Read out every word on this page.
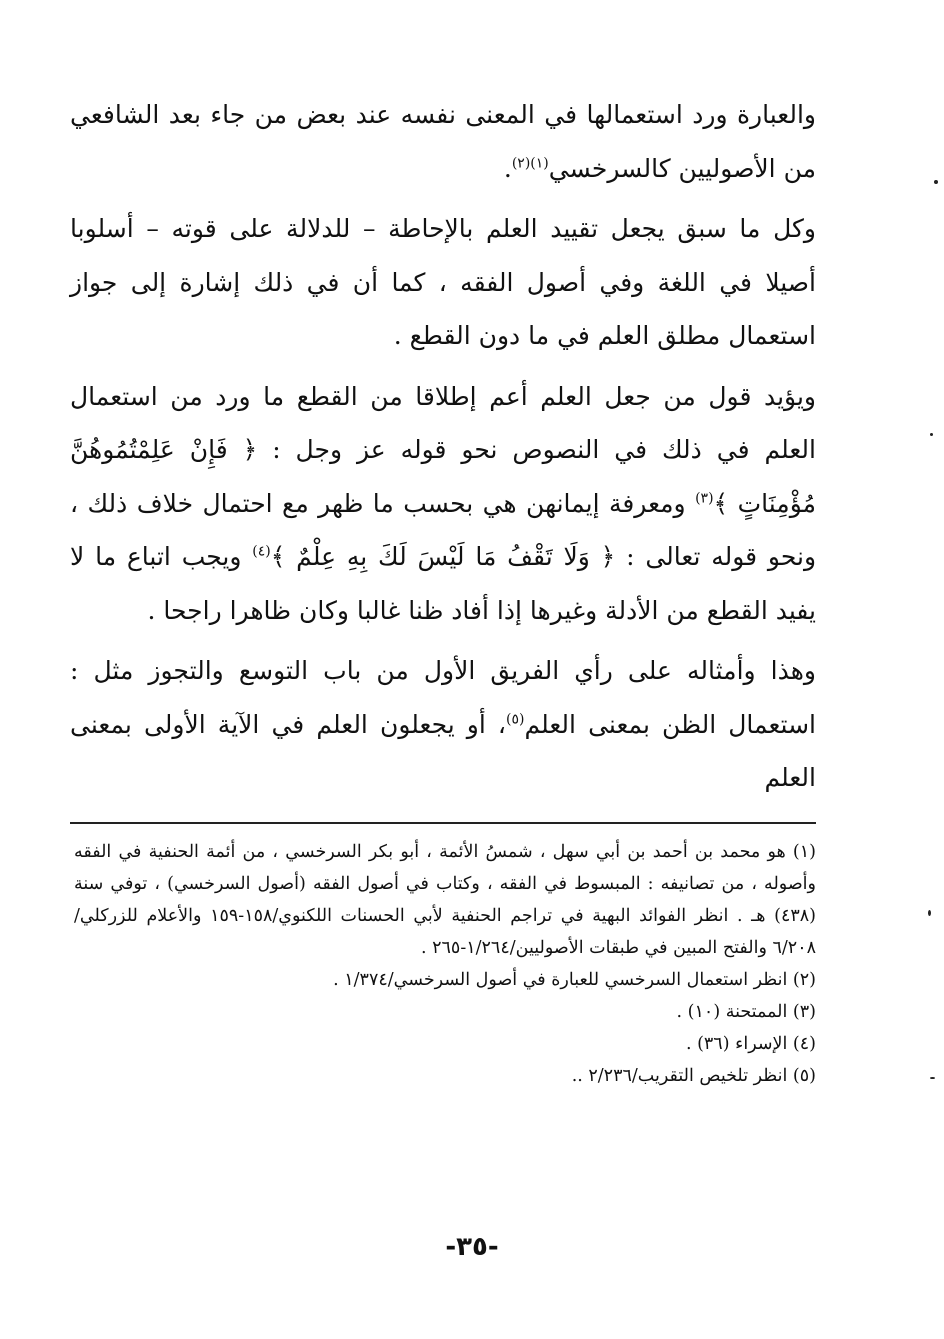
والعبارة ورد استعمالها في المعنى نفسه عند بعض من جاء بعد الشافعي من الأصوليين كالسرخسي$^{(١)(٢)}$.

وكل ما سبق يجعل تقييد العلم بالإحاطة – للدلالة على قوته – أسلوبا أصيلا في اللغة وفي أصول الفقه ، كما أن في ذلك إشارة إلى جواز استعمال مطلق العلم في ما دون القطع .

ويؤيد قول من جعل العلم أعم إطلاقا من القطع ما ورد من استعمال العلم في ذلك في النصوص نحو قوله عز وجل : ﴿ فَإِنْ عَلِمْتُمُوهُنَّ مُؤْمِنَاتٍ ﴾$^{(٣)}$ ومعرفة إيمانهن هي بحسب ما ظهر مع احتمال خلاف ذلك ، ونحو قوله تعالى : ﴿ وَلَا تَقْفُ مَا لَيْسَ لَكَ بِهِ عِلْمٌ ﴾$^{(٤)}$ ويجب اتباع ما لا يفيد القطع من الأدلة وغيرها إذا أفاد ظنا غالبا وكان ظاهرا راجحا .

وهذا وأمثاله على رأي الفريق الأول من باب التوسع والتجوز مثل : استعمال الظن بمعنى العلم$^{(٥)}$، أو يجعلون العلم في الآية الأولى بمعنى العلم

(١) هو محمد بن أحمد بن أبي سهل ، شمسُ الأئمة ، أبو بكر السرخسي ، من أئمة الحنفية في الفقه وأصوله ، من تصانيفه : المبسوط في الفقه ، وكتاب في أصول الفقه (أصول السرخسي) ، توفي سنة (٤٣٨) هـ . انظر الفوائد البهية في تراجم الحنفية لأبي الحسنات اللكنوي/١٥٨-١٥٩ والأعلام للزركلي/٦/٢٠٨ والفتح المبين في طبقات الأصوليين/١/٢٦٤-٢٦٥ .

(٢) انظر استعمال السرخسي للعبارة في أصول السرخسي/١/٣٧٤ .

(٣) الممتحنة (١٠) .

(٤) الإسراء (٣٦) .

(٥) انظر تلخيص التقريب/٢/٢٣٦ ..

-٣٥-
